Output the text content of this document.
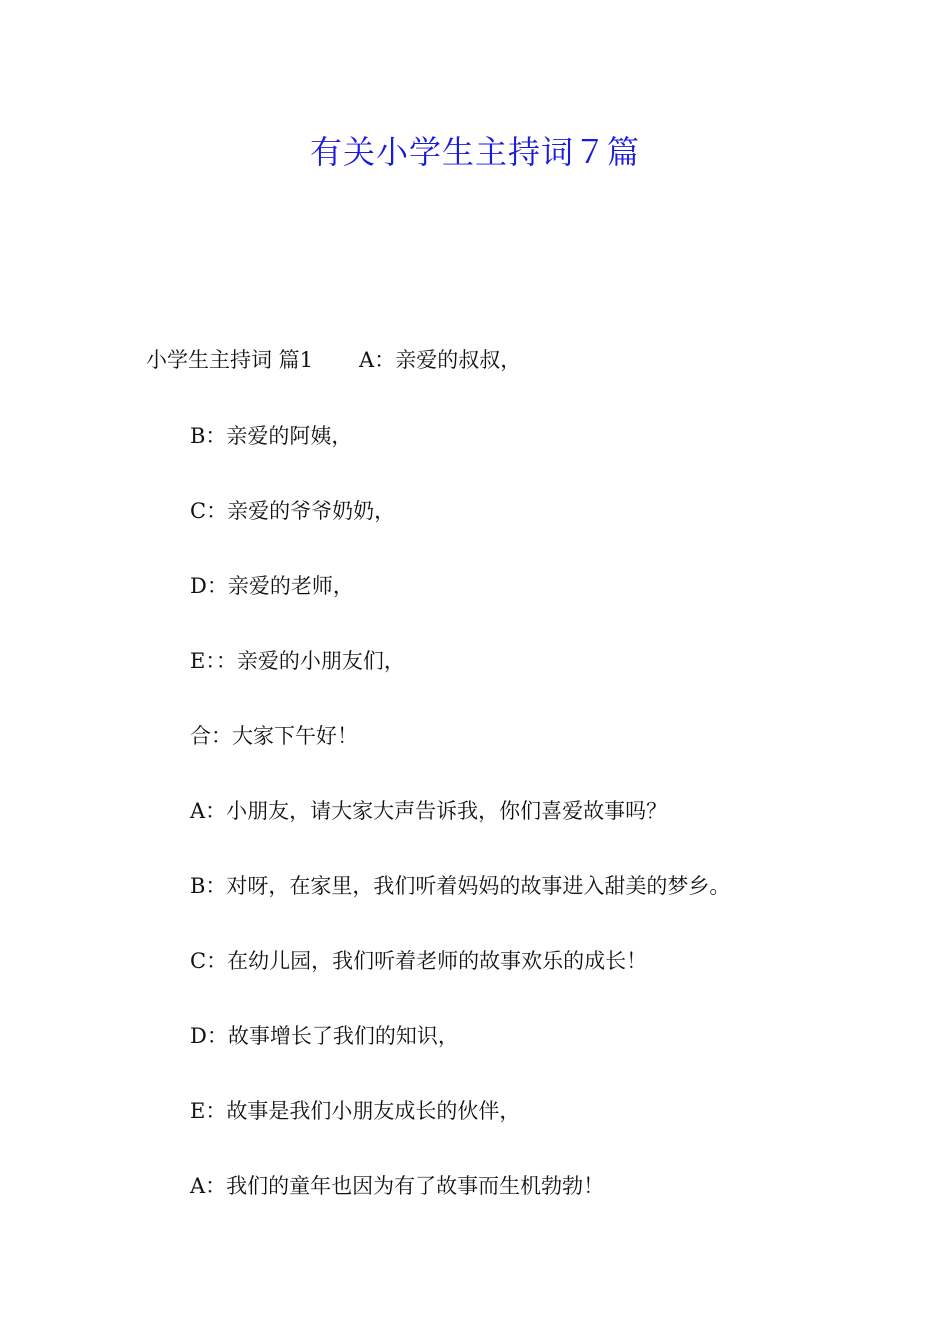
有关小学生主持词７篇
小学生主持词 篇1 A：亲爱的叔叔，
B：亲爱的阿姨，
C：亲爱的爷爷奶奶，
D：亲爱的老师，
E：：亲爱的小朋友们，
合：大家下午好！
A：小朋友，请大家大声告诉我，你们喜爱故事吗？
B：对呀，在家里，我们听着妈妈的故事进入甜美的梦乡。
C：在幼儿园，我们听着老师的故事欢乐的成长！
D：故事增长了我们的知识，
E：故事是我们小朋友成长的伙伴，
A：我们的童年也因为有了故事而生机勃勃！
